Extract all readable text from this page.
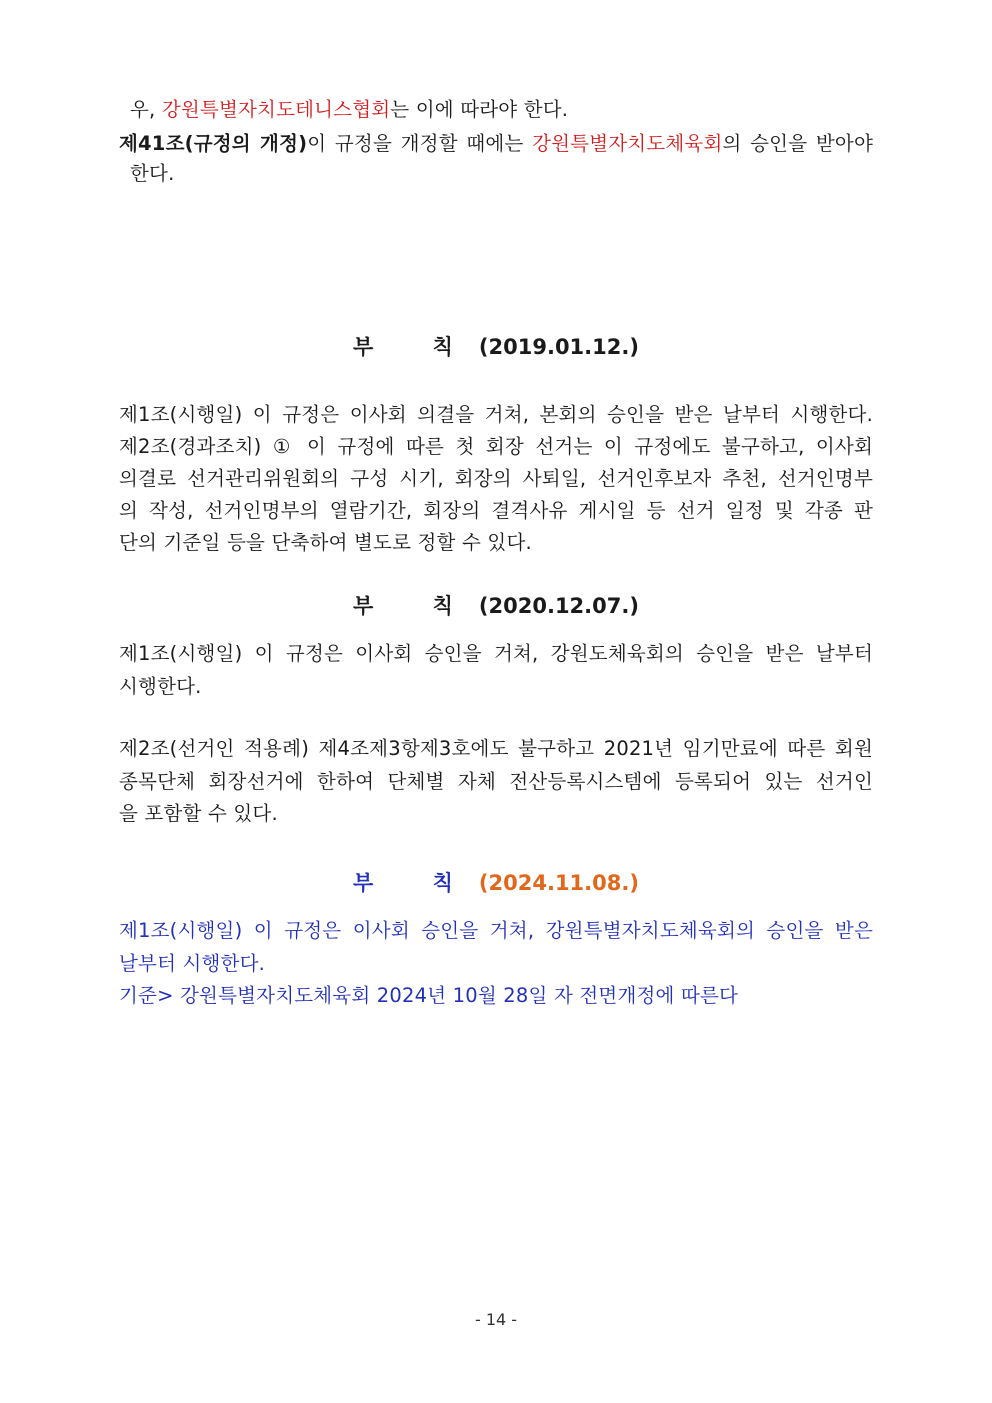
우, 강원특별자치도테니스협회는 이에 따라야 한다.
제41조(규정의 개정)이 규정을 개정할 때에는 강원특별자치도체육회의 승인을 받아야
한다.
부 칙(2019.01.12.)
제1조(시행일) 이 규정은 이사회 의결을 거쳐, 본회의 승인을 받은 날부터 시행한다.
제2조(경과조치) ① 이 규정에 따른 첫 회장 선거는 이 규정에도 불구하고, 이사회
의결로 선거관리위원회의 구성 시기, 회장의 사퇴일, 선거인후보자 추천, 선거인명부
의 작성, 선거인명부의 열람기간, 회장의 결격사유 게시일 등 선거 일정 및 각종 판
단의 기준일 등을 단축하여 별도로 정할 수 있다.
부 칙(2020.12.07.)
제1조(시행일) 이 규정은 이사회 승인을 거쳐, 강원도체육회의 승인을 받은 날부터
시행한다.
제2조(선거인 적용례) 제4조제3항제3호에도 불구하고 2021년 임기만료에 따른 회원
종목단체 회장선거에 한하여 단체별 자체 전산등록시스템에 등록되어 있는 선거인
을 포함할 수 있다.
부 칙(2024.11.08.)
제1조(시행일) 이 규정은 이사회 승인을 거쳐, 강원특별자치도체육회의 승인을 받은
날부터 시행한다.
기준> 강원특별자치도체육회 2024년 10월 28일 자 전면개정에 따른다
- 14 -
